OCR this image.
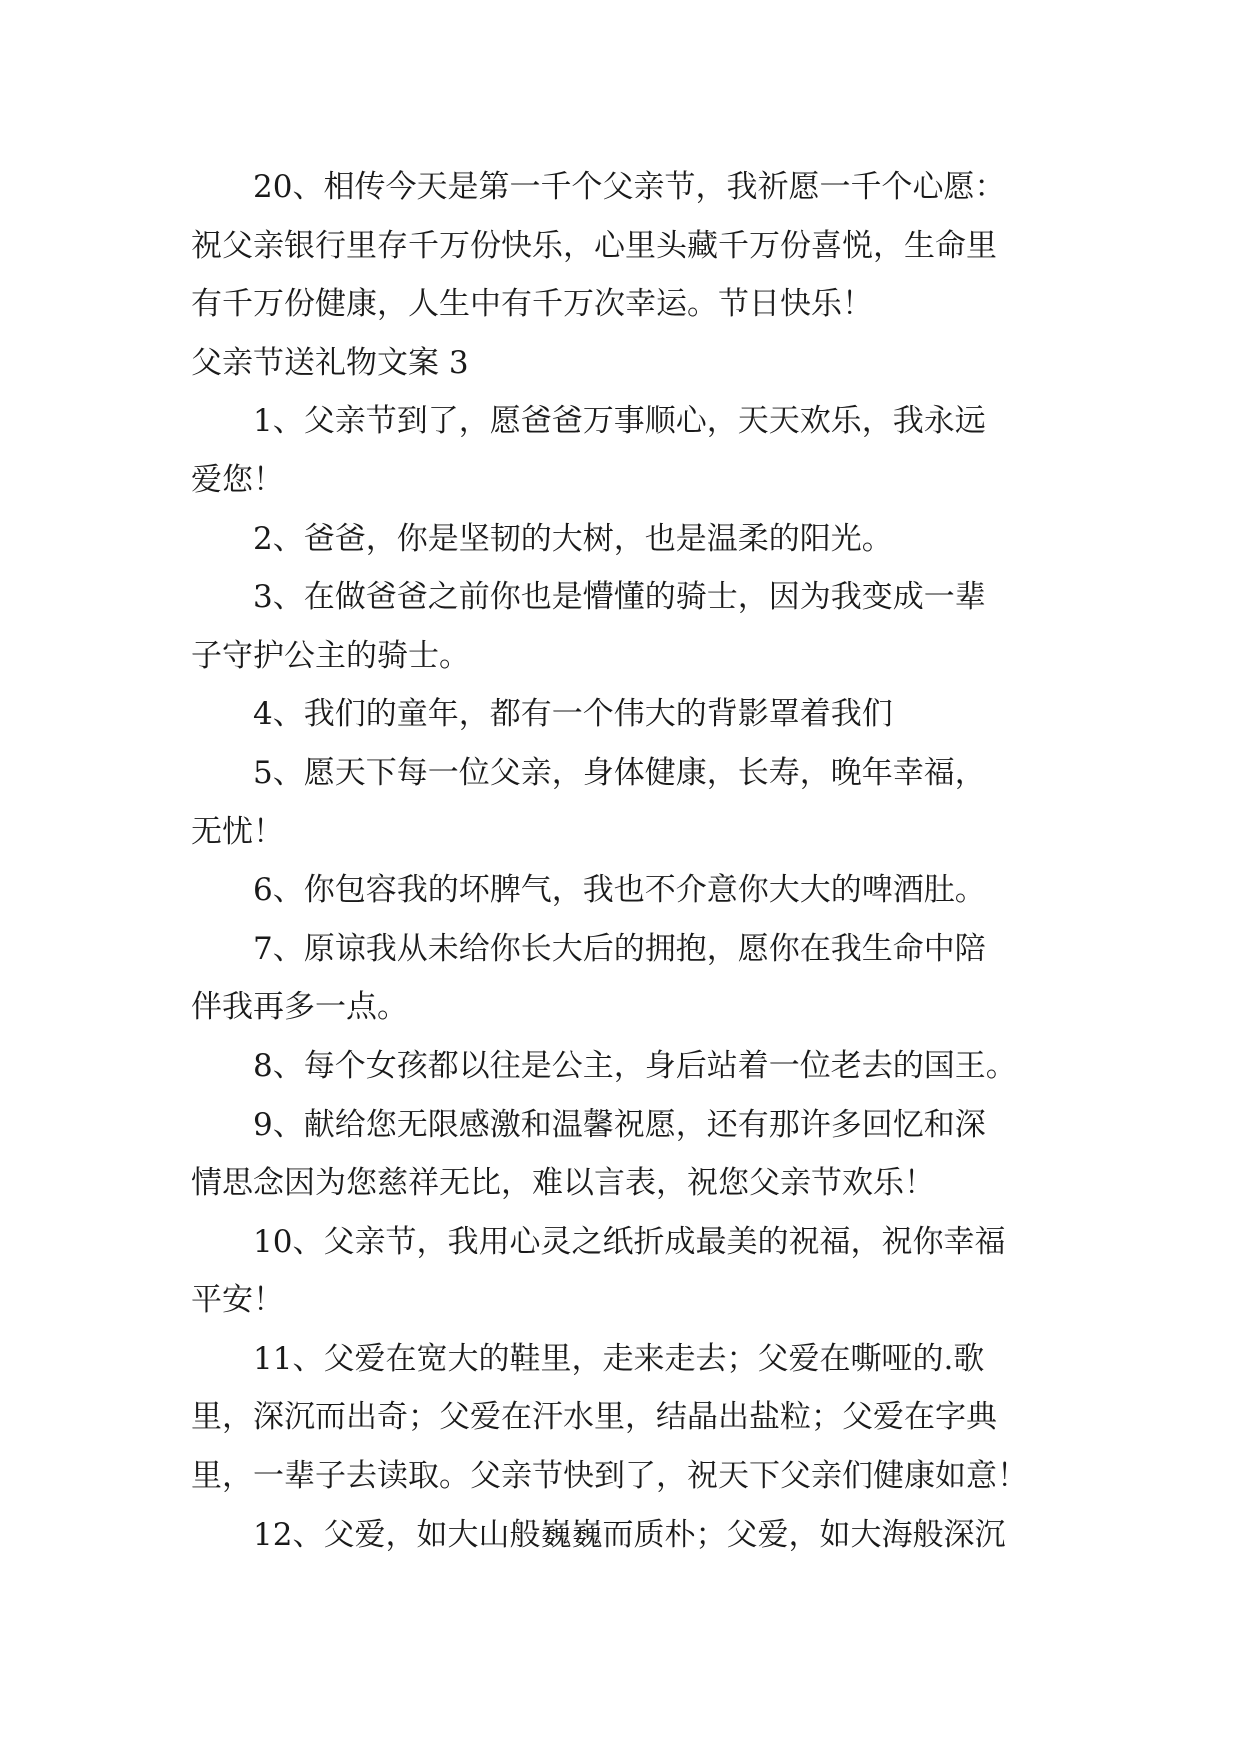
20、相传今天是第一千个父亲节，我祈愿一千个心愿：

祝父亲银行里存千万份快乐，心里头藏千万份喜悦，生命里

有千万份健康，人生中有千万次幸运。节日快乐！

父亲节送礼物文案 3

1、父亲节到了，愿爸爸万事顺心，天天欢乐，我永远

爱您！

2、爸爸，你是坚韧的大树，也是温柔的阳光。

3、在做爸爸之前你也是懵懂的骑士，因为我变成一辈

子守护公主的骑士。

4、我们的童年，都有一个伟大的背影罩着我们

5、愿天下每一位父亲，身体健康，长寿，晚年幸福，

无忧！

6、你包容我的坏脾气，我也不介意你大大的啤酒肚。

7、原谅我从未给你长大后的拥抱，愿你在我生命中陪

伴我再多一点。

8、每个女孩都以往是公主，身后站着一位老去的国王。

9、献给您无限感激和温馨祝愿，还有那许多回忆和深

情思念因为您慈祥无比，难以言表，祝您父亲节欢乐！

10、父亲节，我用心灵之纸折成最美的祝福，祝你幸福

平安！

11、父爱在宽大的鞋里，走来走去；父爱在嘶哑的.歌

里，深沉而出奇；父爱在汗水里，结晶出盐粒；父爱在字典

里，一辈子去读取。父亲节快到了，祝天下父亲们健康如意！

12、父爱，如大山般巍巍而质朴；父爱，如大海般深沉
